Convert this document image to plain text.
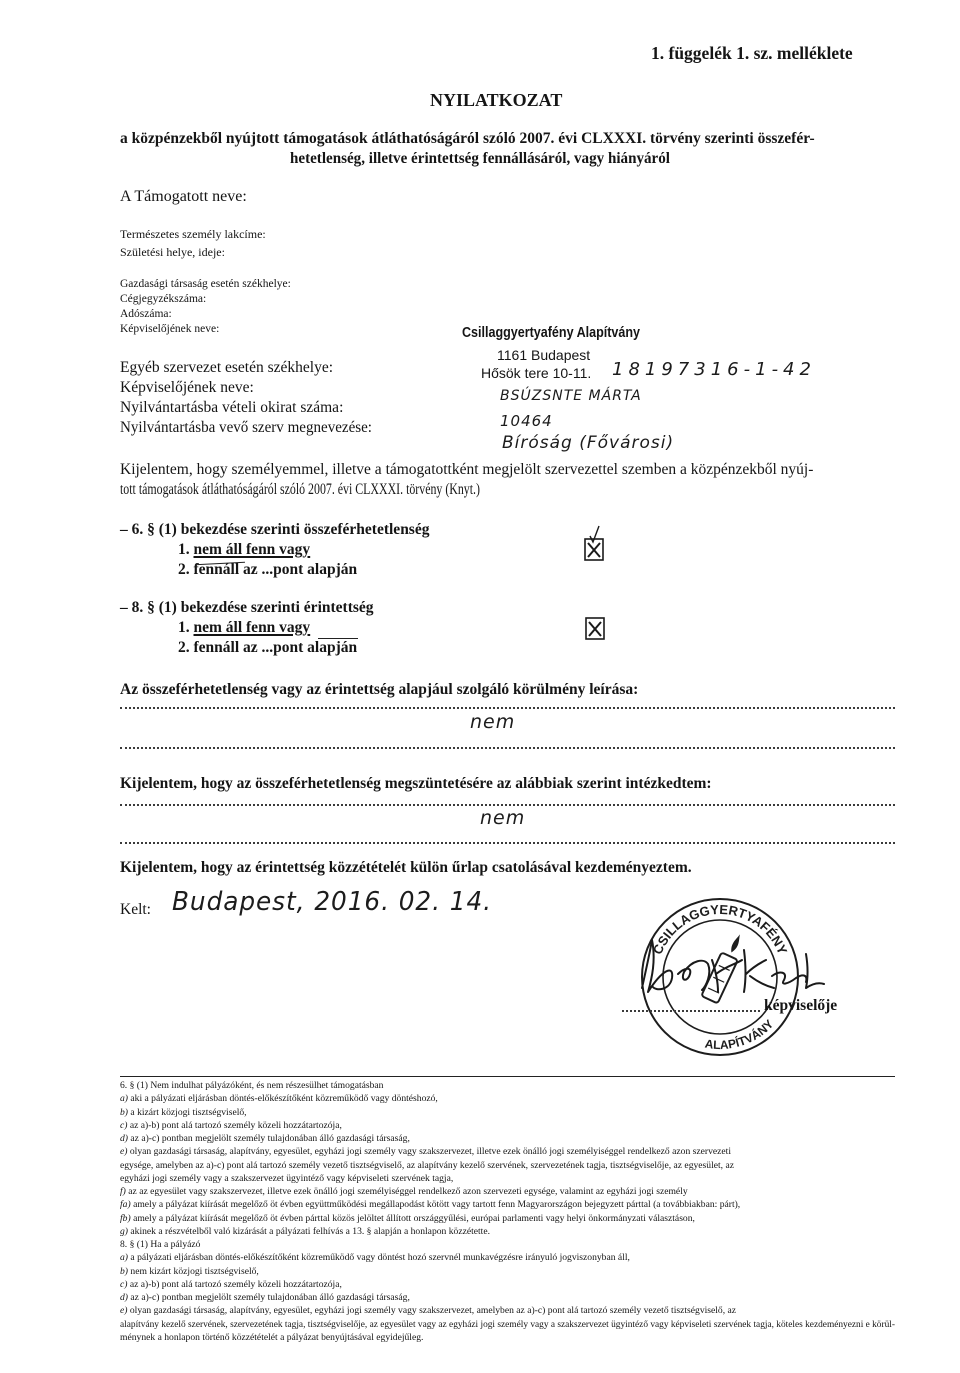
1. függelék 1. sz. melléklete
NYILATKOZAT
a közpénzekből nyújtott támogatások átláthatóságáról szóló 2007. évi CLXXXI. törvény szerinti összefér-
hetetlenség, illetve érintettség fennállásáról, vagy hiányáról
A Támogatott neve:
Természetes személy lakcíme:
Születési helye, ideje:
Gazdasági társaság esetén székhelye:
Cégjegyzékszáma:
Adószáma:
Képviselőjének neve:	Csillaggyertyafény Alapítvány
1161 Budapest
Hősök tere 10-11. 18197316-1-42
Egyéb szervezet esetén székhelye:
Képviselőjének neve:
Nyilvántartásba vételi okirat száma:
Nyilvántartásba vevő szerv megnevezése:
BSÚZSNTE MÁRTA
10464
Bíróság (Fővárosi)
Kijelentem, hogy személyemmel, illetve a támogatottként megjelölt szervezettel szemben a közpénzekből nyúj-
tott támogatások átláthatóságáról szóló 2007. évi CLXXXI. törvény (Knyt.)
– 6. § (1) bekezdése szerinti összeférhetetlenség
1. nem áll fenn vagy
2. fennáll az ...pont alapján
– 8. § (1) bekezdése szerinti érintettség
1. nem áll fenn vagy
2. fennáll az ...pont alapján
Az összeférhetetlenség vagy az érintettség alapjául szolgáló körülmény leírása:
nem
Kijelentem, hogy az összeférhetetlenség megszüntetésére az alábbiak szerint intézkedtem:
nem
Kijelentem, hogy az érintettség közzétételét külön űrlap csatolásával kezdeményeztem.
Kelt: Budapest, 2016. 02. 14.
CSILLAGGYERTYAFÉNY
ALAPÍTVÁNY
képviselője
6. § (1) Nem indulhat pályázóként, és nem részesülhet támogatásban
a) aki a pályázati eljárásban döntés-előkészítőként közreműködő vagy döntéshozó,
b) a kizárt közjogi tisztségviselő,
c) az a)-b) pont alá tartozó személy közeli hozzátartozója,
d) az a)-c) pontban megjelölt személy tulajdonában álló gazdasági társaság,
e) olyan gazdasági társaság, alapítvány, egyesület, egyházi jogi személy vagy szakszervezet, illetve ezek önálló jogi személyiséggel rendelkező azon szervezeti
egysége, amelyben az a)-c) pont alá tartozó személy vezető tisztségviselő, az alapítvány kezelő szervének, szervezetének tagja, tisztségviselője, az egyesület, az
egyházi jogi személy vagy a szakszervezet ügyintéző vagy képviseleti szervének tagja,
f) az az egyesület vagy szakszervezet, illetve ezek önálló jogi személyiséggel rendelkező azon szervezeti egysége, valamint az egyházi jogi személy
fa) amely a pályázat kiírását megelőző öt évben együttműködési megállapodást kötött vagy tartott fenn Magyarországon bejegyzett párttal (a továbbiakban: párt),
fb) amely a pályázat kiírását megelőző öt évben párttal közös jelöltet állított országgyűlési, európai parlamenti vagy helyi önkormányzati választáson,
g) akinek a részvételből való kizárását a pályázati felhívás a 13. § alapján a honlapon közzétette.
8. § (1) Ha a pályázó
a) a pályázati eljárásban döntés-előkészítőként közreműködő vagy döntést hozó szervnél munkavégzésre irányuló jogviszonyban áll,
b) nem kizárt közjogi tisztségviselő,
c) az a)-b) pont alá tartozó személy közeli hozzátartozója,
d) az a)-c) pontban megjelölt személy tulajdonában álló gazdasági társaság,
e) olyan gazdasági társaság, alapítvány, egyesület, egyházi jogi személy vagy szakszervezet, amelyben az a)-c) pont alá tartozó személy vezető tisztségviselő, az
alapítvány kezelő szervének, szervezetének tagja, tisztségviselője, az egyesület vagy az egyházi jogi személy vagy a szakszervezet ügyintéző vagy képviseleti szervének tagja, köteles kezdeményezni e körül-
ménynek a honlapon történő közzétételét a pályázat benyújtásával egyidejűleg.
